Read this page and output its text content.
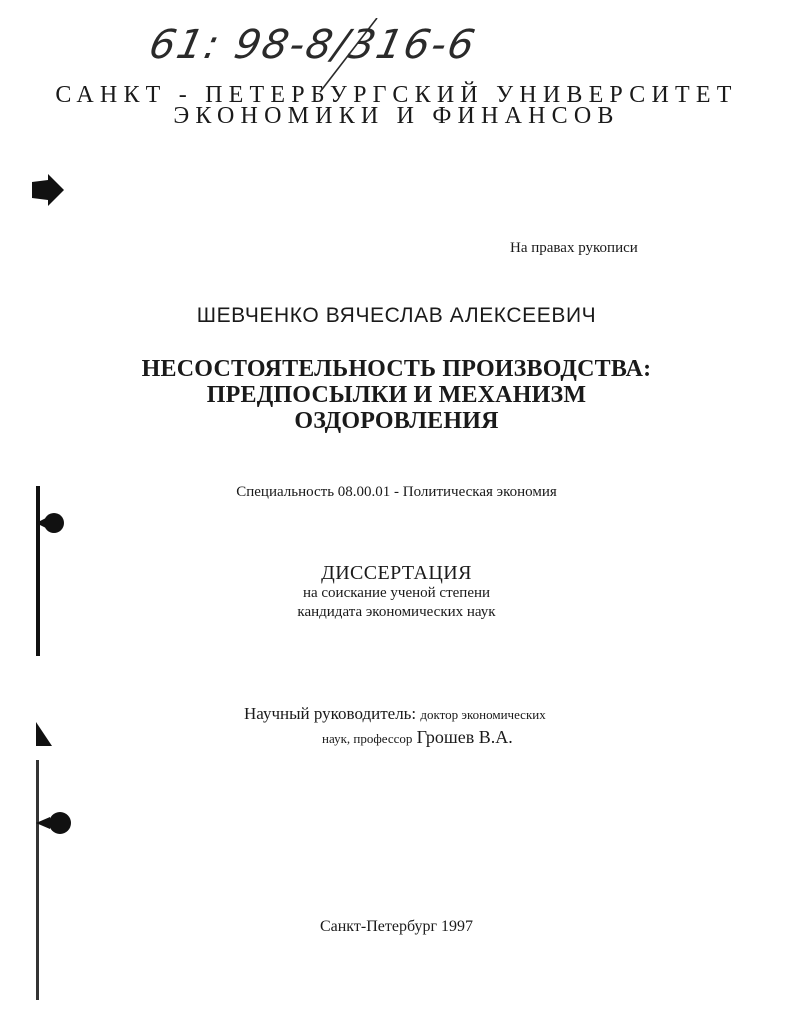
61: 98-8/316-6
САНКТ - ПЕТЕРБУРГСКИЙ УНИВЕРСИТЕТ
ЭКОНОМИКИ И ФИНАНСОВ
На правах рукописи
ШЕВЧЕНКО ВЯЧЕСЛАВ АЛЕКСЕЕВИЧ
НЕСОСТОЯТЕЛЬНОСТЬ ПРОИЗВОДСТВА:
ПРЕДПОСЫЛКИ И МЕХАНИЗМ
ОЗДОРОВЛЕНИЯ
Специальность 08.00.01 - Политическая экономия
ДИССЕРТАЦИЯ
на соискание ученой степени
кандидата экономических наук
Научный руководитель: доктор экономических
наук, профессор Грошев В.А.
Санкт-Петербург 1997
